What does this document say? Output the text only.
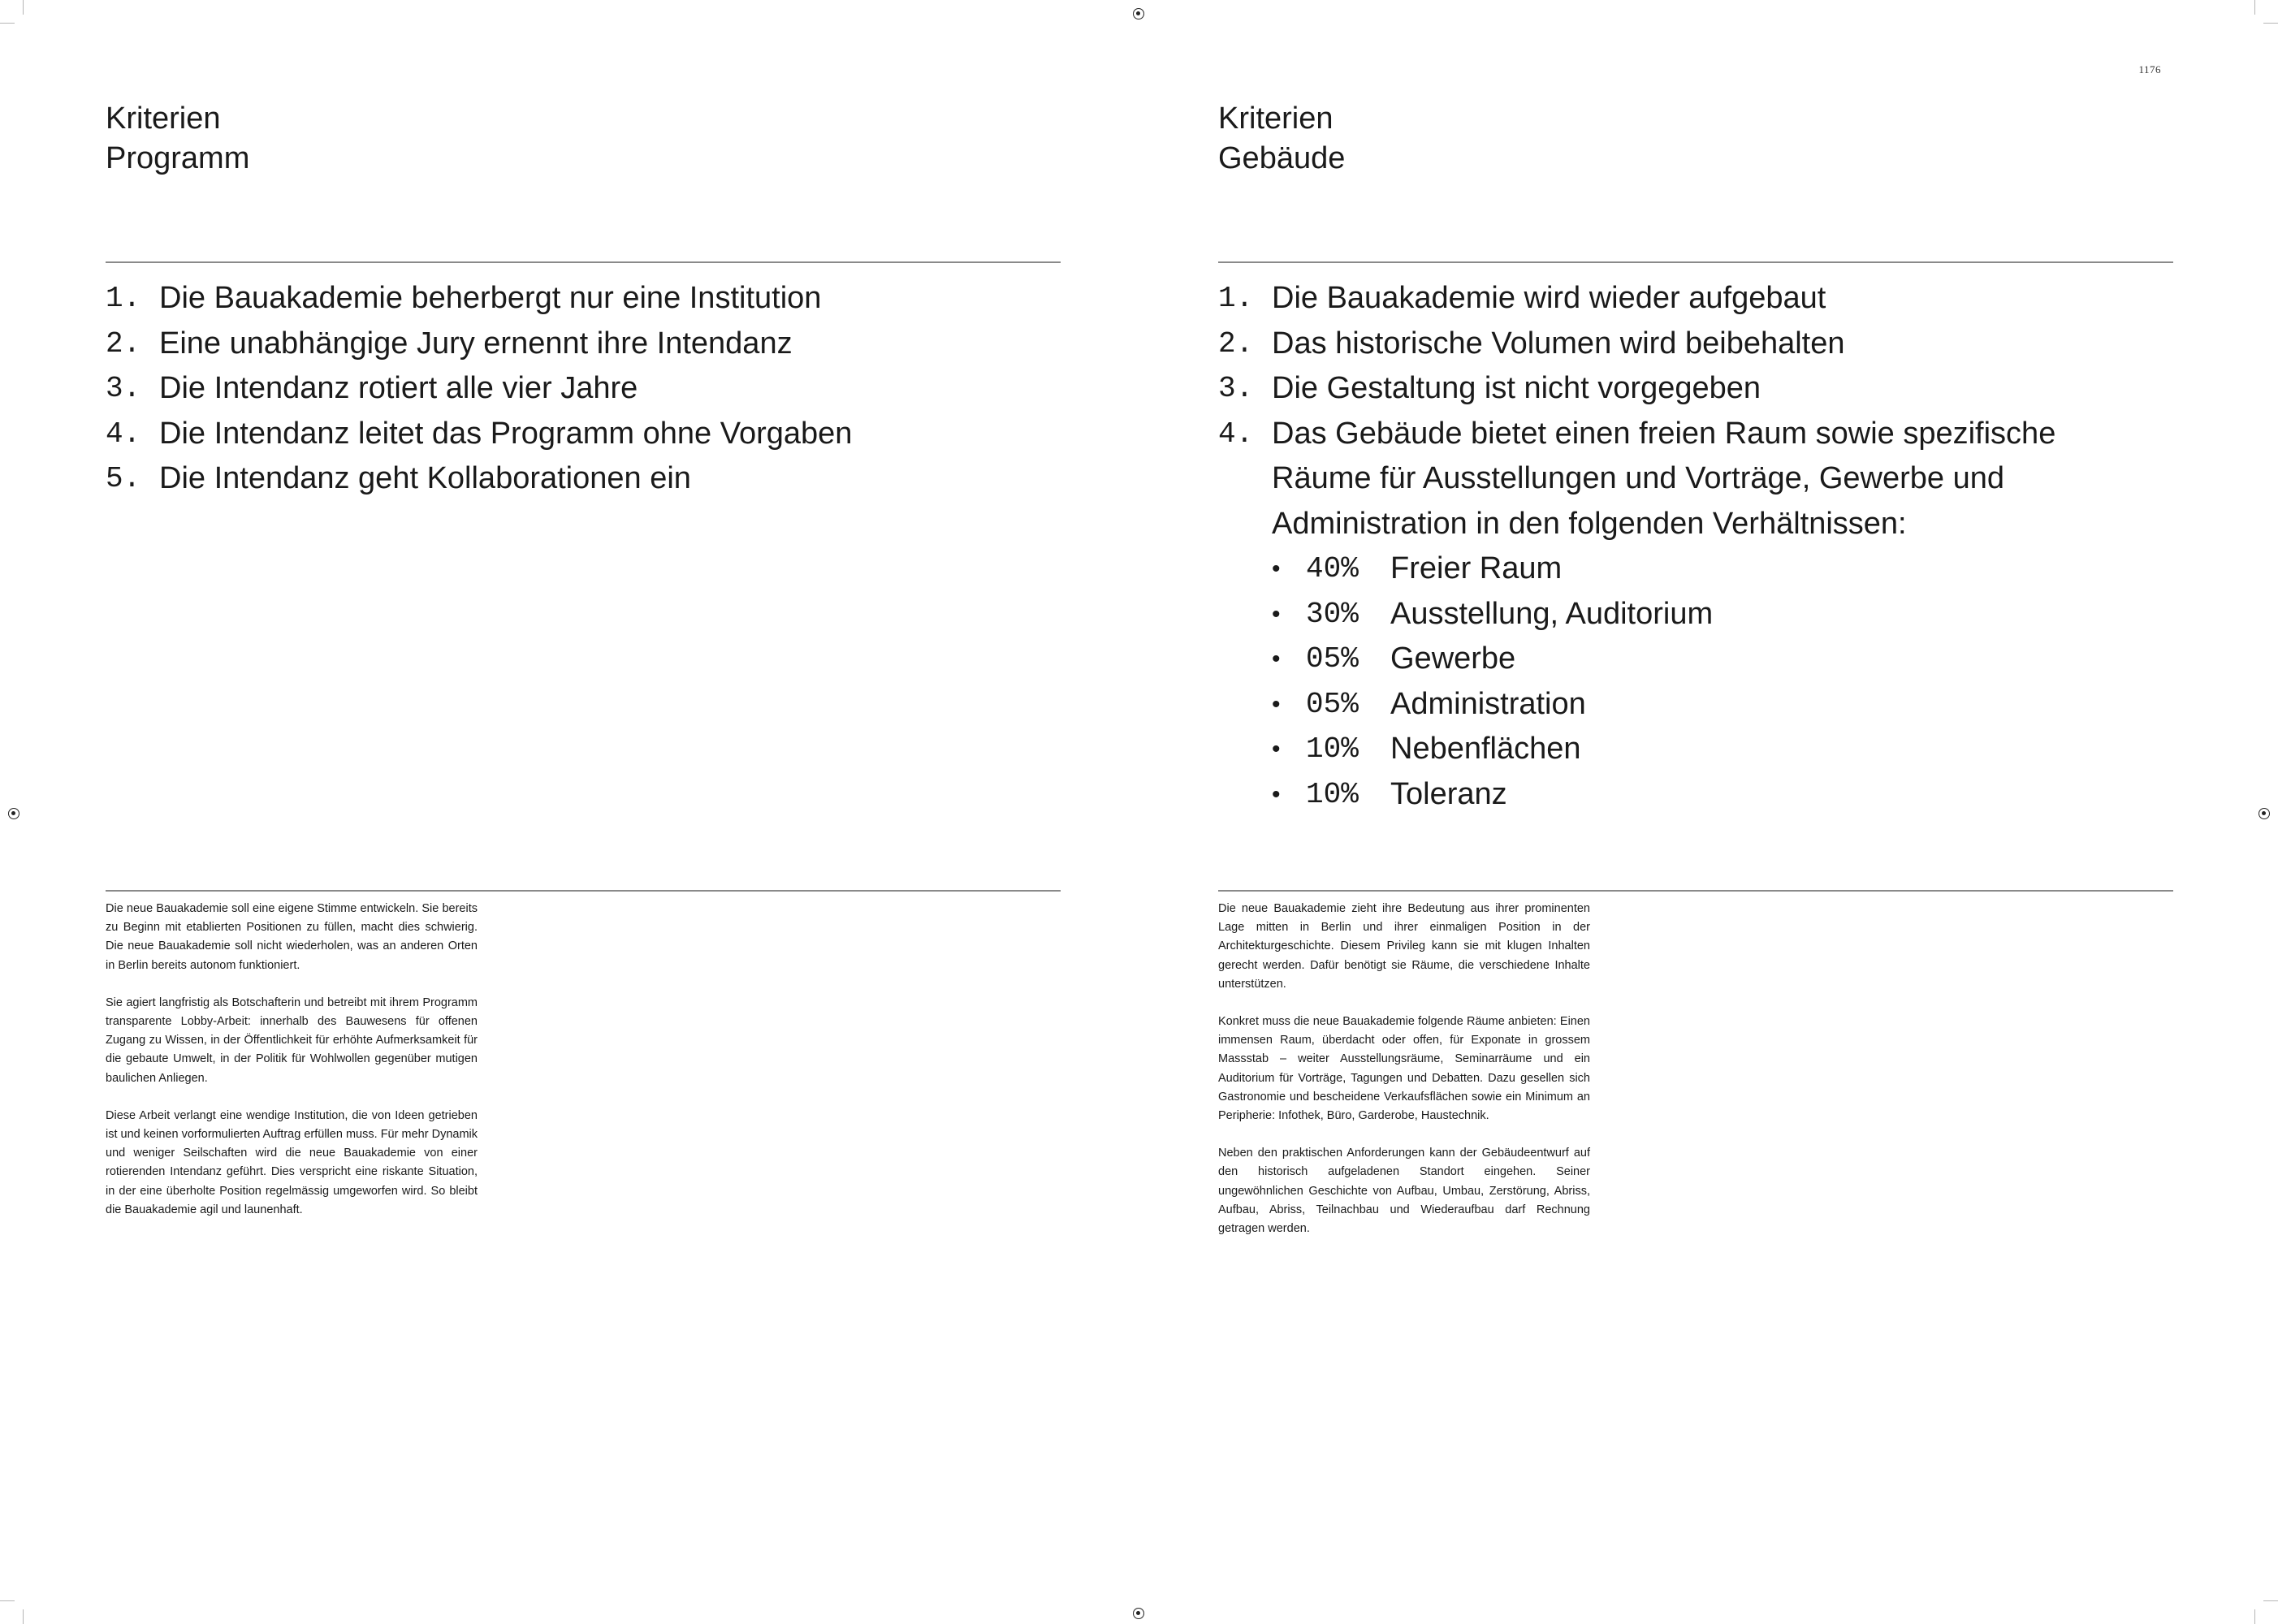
Kriterien
Programm
1. Die Bauakademie beherbergt nur eine Institution
2. Eine unabhängige Jury ernennt ihre Intendanz
3. Die Intendanz rotiert alle vier Jahre
4. Die Intendanz leitet das Programm ohne Vorgaben
5. Die Intendanz geht Kollaborationen ein

Die neue Bauakademie soll eine eigene Stimme entwickeln. Sie bereits zu Beginn mit etablierten Positionen zu füllen, macht dies schwierig. Die neue Bauakademie soll nicht wiederholen, was an anderen Orten in Berlin bereits autonom funktioniert.

Sie agiert langfristig als Botschafterin und betreibt mit ihrem Programm transparente Lobby-Arbeit: innerhalb des Bauwesens für offenen Zugang zu Wissen, in der Öffentlichkeit für erhöhte Aufmerksamkeit für die gebaute Umwelt, in der Politik für Wohlwollen gegenüber mutigen baulichen Anliegen.

Diese Arbeit verlangt eine wendige Institution, die von Ideen getrieben ist und keinen vorformulierten Auftrag erfüllen muss. Für mehr Dynamik und weniger Seilschaften wird die neue Bauakademie von einer rotierenden Intendanz geführt. Dies verspricht eine riskante Situation, in der eine überholte Position regelmässig umgeworfen wird. So bleibt die Bauakademie agil und launenhaft.

1176
Kriterien
Gebäude
1. Die Bauakademie wird wieder aufgebaut
2. Das historische Volumen wird beibehalten
3. Die Gestaltung ist nicht vorgegeben
4. Das Gebäude bietet einen freien Raum sowie spezifische Räume für Ausstellungen und Vorträge, Gewerbe und Administration in den folgenden Verhältnissen:
• 40%	Freier Raum
• 30%	Ausstellung, Auditorium
• 05%	Gewerbe
• 05%	Administration
• 10%	Nebenflächen
• 10%	Toleranz

Die neue Bauakademie zieht ihre Bedeutung aus ihrer prominenten Lage mitten in Berlin und ihrer einmaligen Position in der Architekturgeschichte. Diesem Privileg kann sie mit klugen Inhalten gerecht werden. Dafür benötigt sie Räume, die verschiedene Inhalte unterstützen.

Konkret muss die neue Bauakademie folgende Räume anbieten: Einen immensen Raum, überdacht oder offen, für Exponate in grossem Massstab – weiter Ausstellungsräume, Seminarräume und ein Auditorium für Vorträge, Tagungen und Debatten. Dazu gesellen sich Gastronomie und bescheidene Verkaufsflächen sowie ein Minimum an Peripherie: Infothek, Büro, Garderobe, Haustechnik.

Neben den praktischen Anforderungen kann der Gebäudeentwurf auf den historisch aufgeladenen Standort eingehen. Seiner ungewöhnlichen Geschichte von Aufbau, Umbau, Zerstörung, Abriss, Aufbau, Abriss, Teilnachbau und Wiederaufbau darf Rechnung getragen werden.
